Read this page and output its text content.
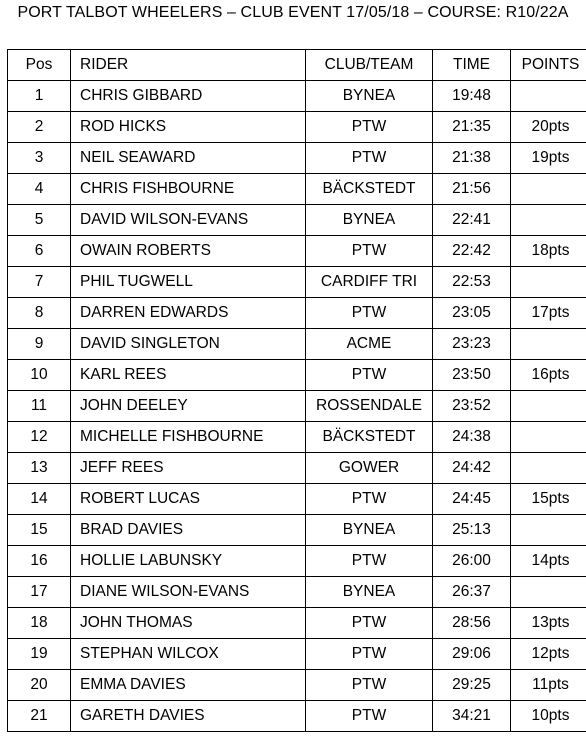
PORT TALBOT WHEELERS – CLUB EVENT 17/05/18 – COURSE: R10/22A
Pos	RIDER	CLUB/TEAM	TIME	POINTS
1	CHRIS GIBBARD	BYNEA	19:48	
2	ROD HICKS	PTW	21:35	20pts
3	NEIL SEAWARD	PTW	21:38	19pts
4	CHRIS FISHBOURNE	BÄCKSTEDT	21:56	
5	DAVID WILSON-EVANS	BYNEA	22:41	
6	OWAIN ROBERTS	PTW	22:42	18pts
7	PHIL TUGWELL	CARDIFF TRI	22:53	
8	DARREN EDWARDS	PTW	23:05	17pts
9	DAVID SINGLETON	ACME	23:23	
10	KARL REES	PTW	23:50	16pts
11	JOHN DEELEY	ROSSENDALE	23:52	
12	MICHELLE FISHBOURNE	BÄCKSTEDT	24:38	
13	JEFF REES	GOWER	24:42	
14	ROBERT LUCAS	PTW	24:45	15pts
15	BRAD DAVIES	BYNEA	25:13	
16	HOLLIE LABUNSKY	PTW	26:00	14pts
17	DIANE WILSON-EVANS	BYNEA	26:37	
18	JOHN THOMAS	PTW	28:56	13pts
19	STEPHAN WILCOX	PTW	29:06	12pts
20	EMMA DAVIES	PTW	29:25	11pts
21	GARETH DAVIES	PTW	34:21	10pts
